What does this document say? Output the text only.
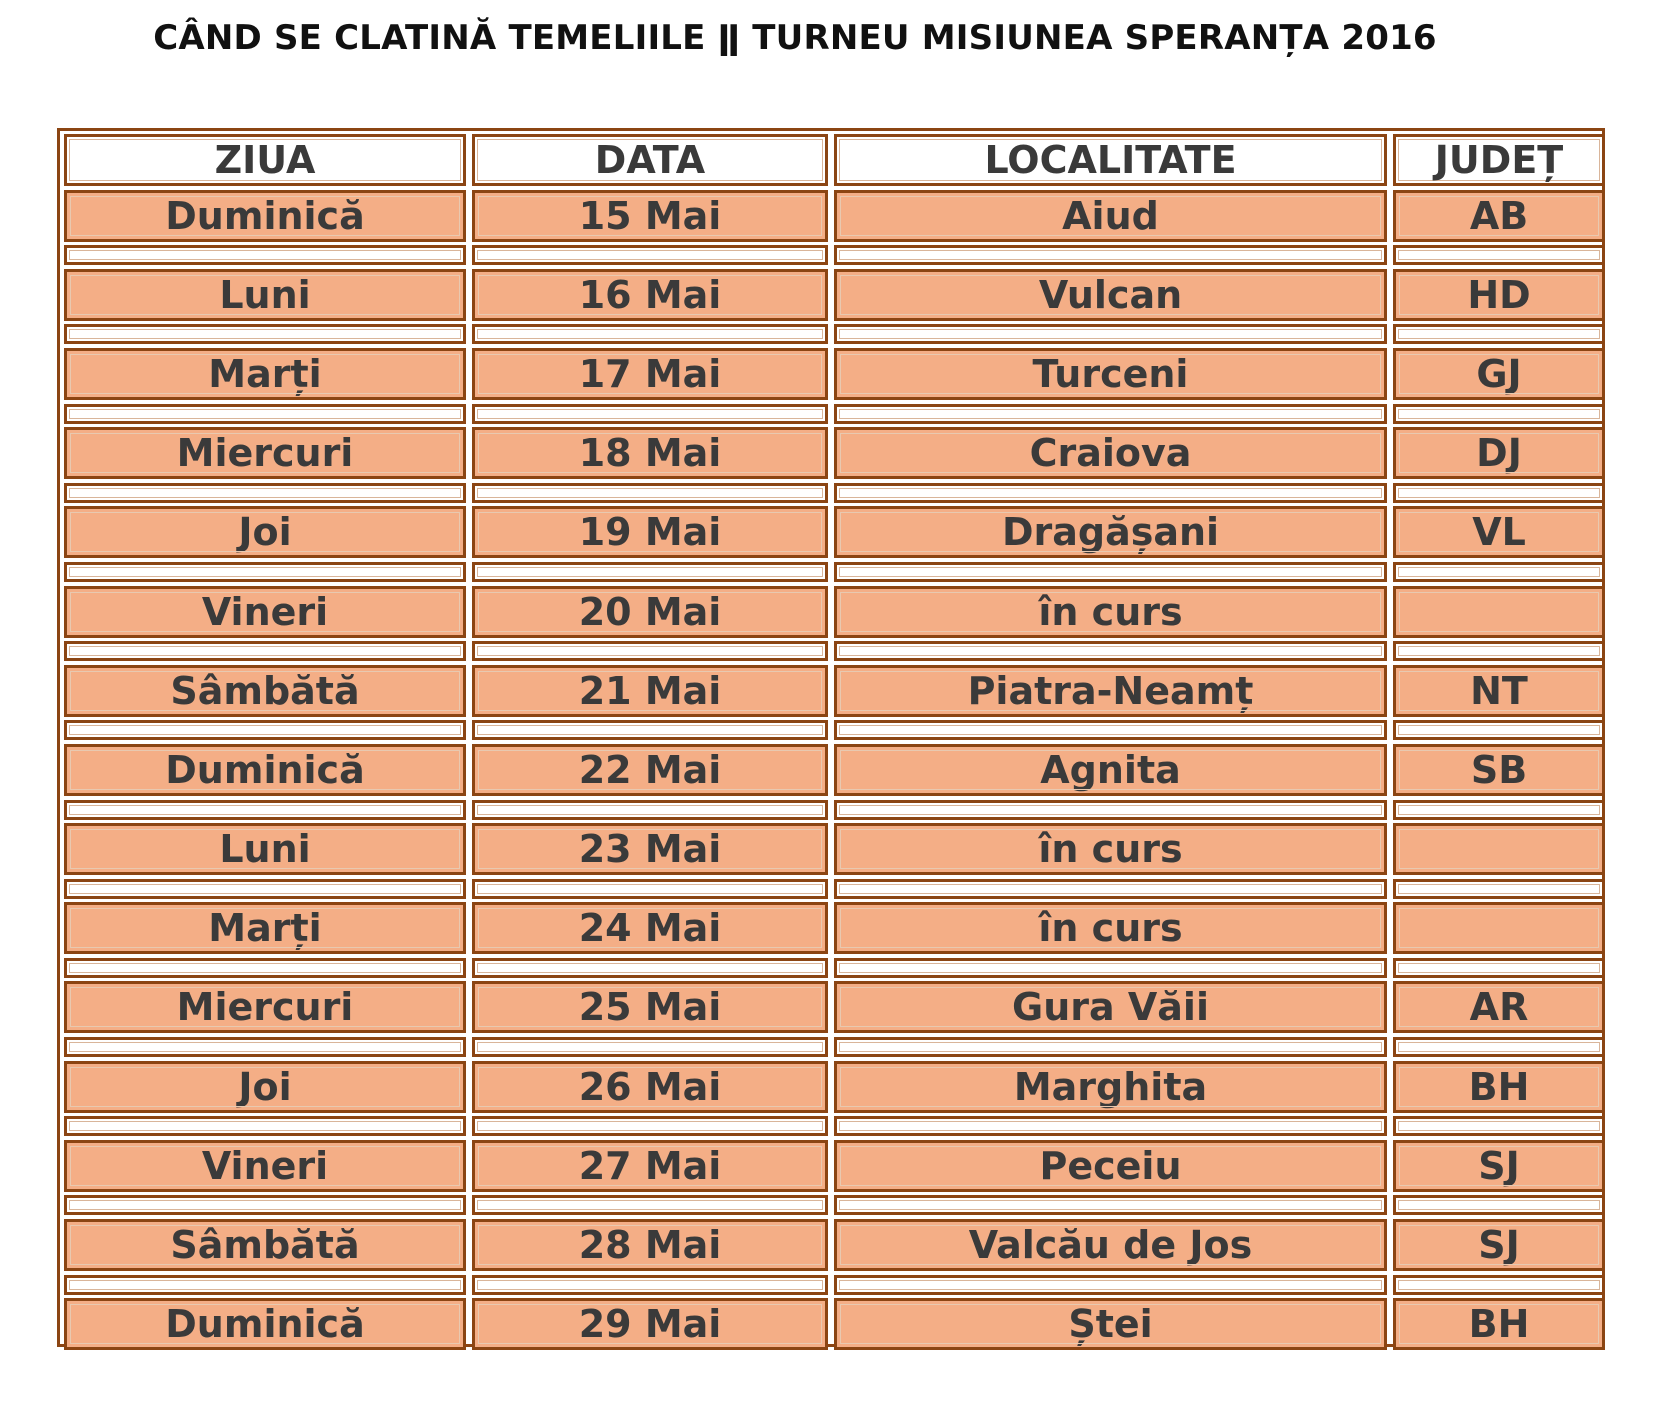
CÂND SE CLATINĂ TEMELIILE ǁ TURNEU MISIUNEA SPERANȚA 2016
ZIUA	DATA	LOCALITATE	JUDEȚ
Duminică	15 Mai	Aiud	AB
Luni	16 Mai	Vulcan	HD
Marți	17 Mai	Turceni	GJ
Miercuri	18 Mai	Craiova	DJ
Joi	19 Mai	Dragășani	VL
Vineri	20 Mai	în curs
Sâmbătă	21 Mai	Piatra-Neamț	NT
Duminică	22 Mai	Agnita	SB
Luni	23 Mai	în curs
Marți	24 Mai	în curs
Miercuri	25 Mai	Gura Văii	AR
Joi	26 Mai	Marghita	BH
Vineri	27 Mai	Peceiu	SJ
Sâmbătă	28 Mai	Valcău de Jos	SJ
Duminică	29 Mai	Ștei	BH
